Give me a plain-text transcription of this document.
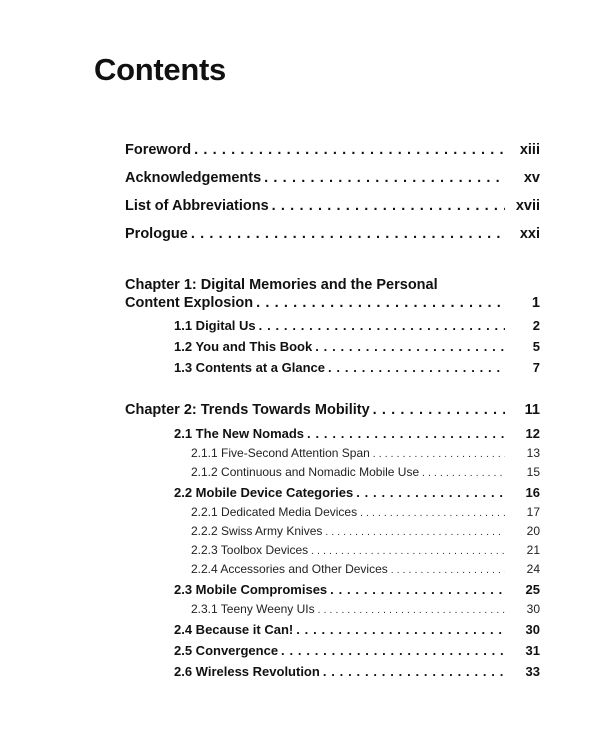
Contents
Foreword . . .	xiii
Acknowledgements . . .	xv
List of Abbreviations . . .	xvii
Prologue . . .	xxi
Chapter 1: Digital Memories and the Personal
Content Explosion . . .	1
1.1 Digital Us . . .	2
1.2 You and This Book . . .	5
1.3 Contents at a Glance . . .	7
Chapter 2: Trends Towards Mobility . . .	11
2.1 The New Nomads . . .	12
2.1.1 Five-Second Attention Span . . .	13
2.1.2 Continuous and Nomadic Mobile Use . . .	15
2.2 Mobile Device Categories . . .	16
2.2.1 Dedicated Media Devices . . .	17
2.2.2 Swiss Army Knives . . .	20
2.2.3 Toolbox Devices . . .	21
2.2.4 Accessories and Other Devices . . .	24
2.3 Mobile Compromises . . .	25
2.3.1 Teeny Weeny UIs . . .	30
2.4 Because it Can! . . .	30
2.5 Convergence . . .	31
2.6 Wireless Revolution . . .	33
